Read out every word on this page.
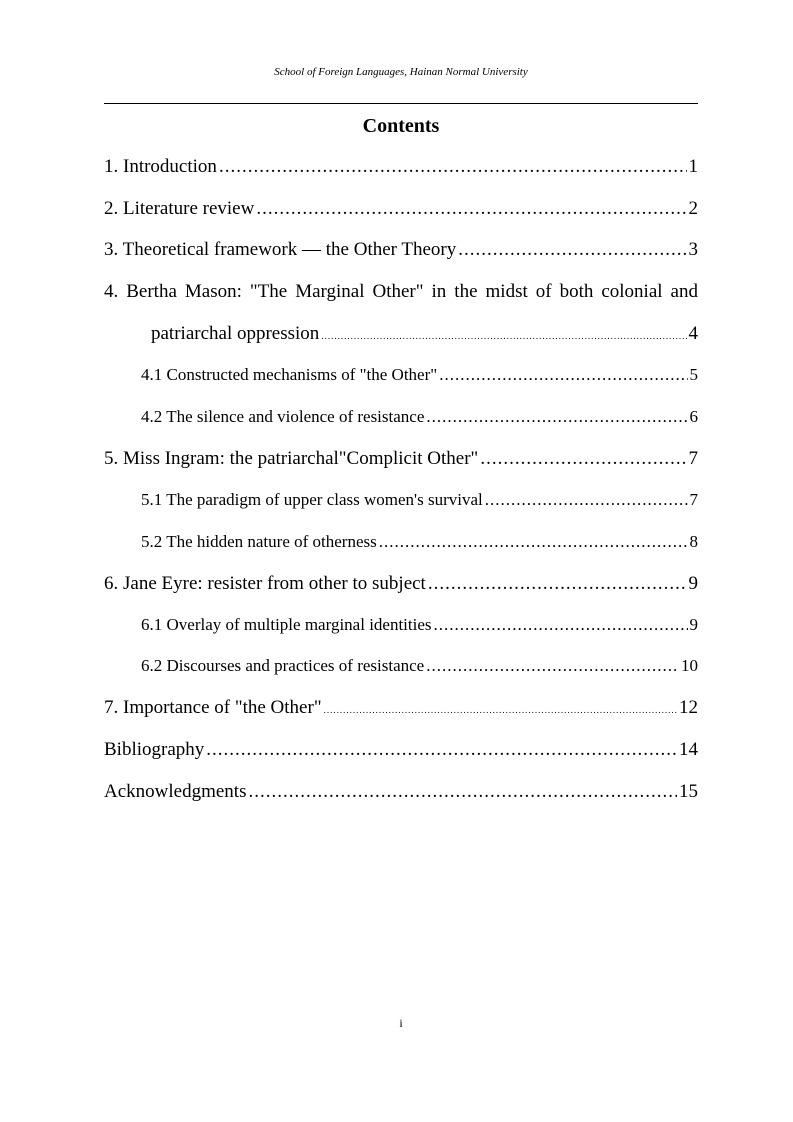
School of Foreign Languages, Hainan Normal University
Contents
1. Introduction .....	1
2. Literature review .....	2
3. Theoretical framework — the Other Theory .....	3
4. Bertha Mason: "The Marginal Other" in the midst of both colonial and
patriarchal oppression .....	4
4.1 Constructed mechanisms of "the Other" .....	5
4.2 The silence and violence of resistance .....	6
5. Miss Ingram: the patriarchal"Complicit Other" .....	7
5.1 The paradigm of upper class women's survival .....	7
5.2 The hidden nature of otherness .....	8
6. Jane Eyre: resister from other to subject .....	9
6.1 Overlay of multiple marginal identities .....	9
6.2 Discourses and practices of resistance .....	10
7. Importance of "the Other" .....	12
Bibliography .....	14
Acknowledgments .....	15
i
